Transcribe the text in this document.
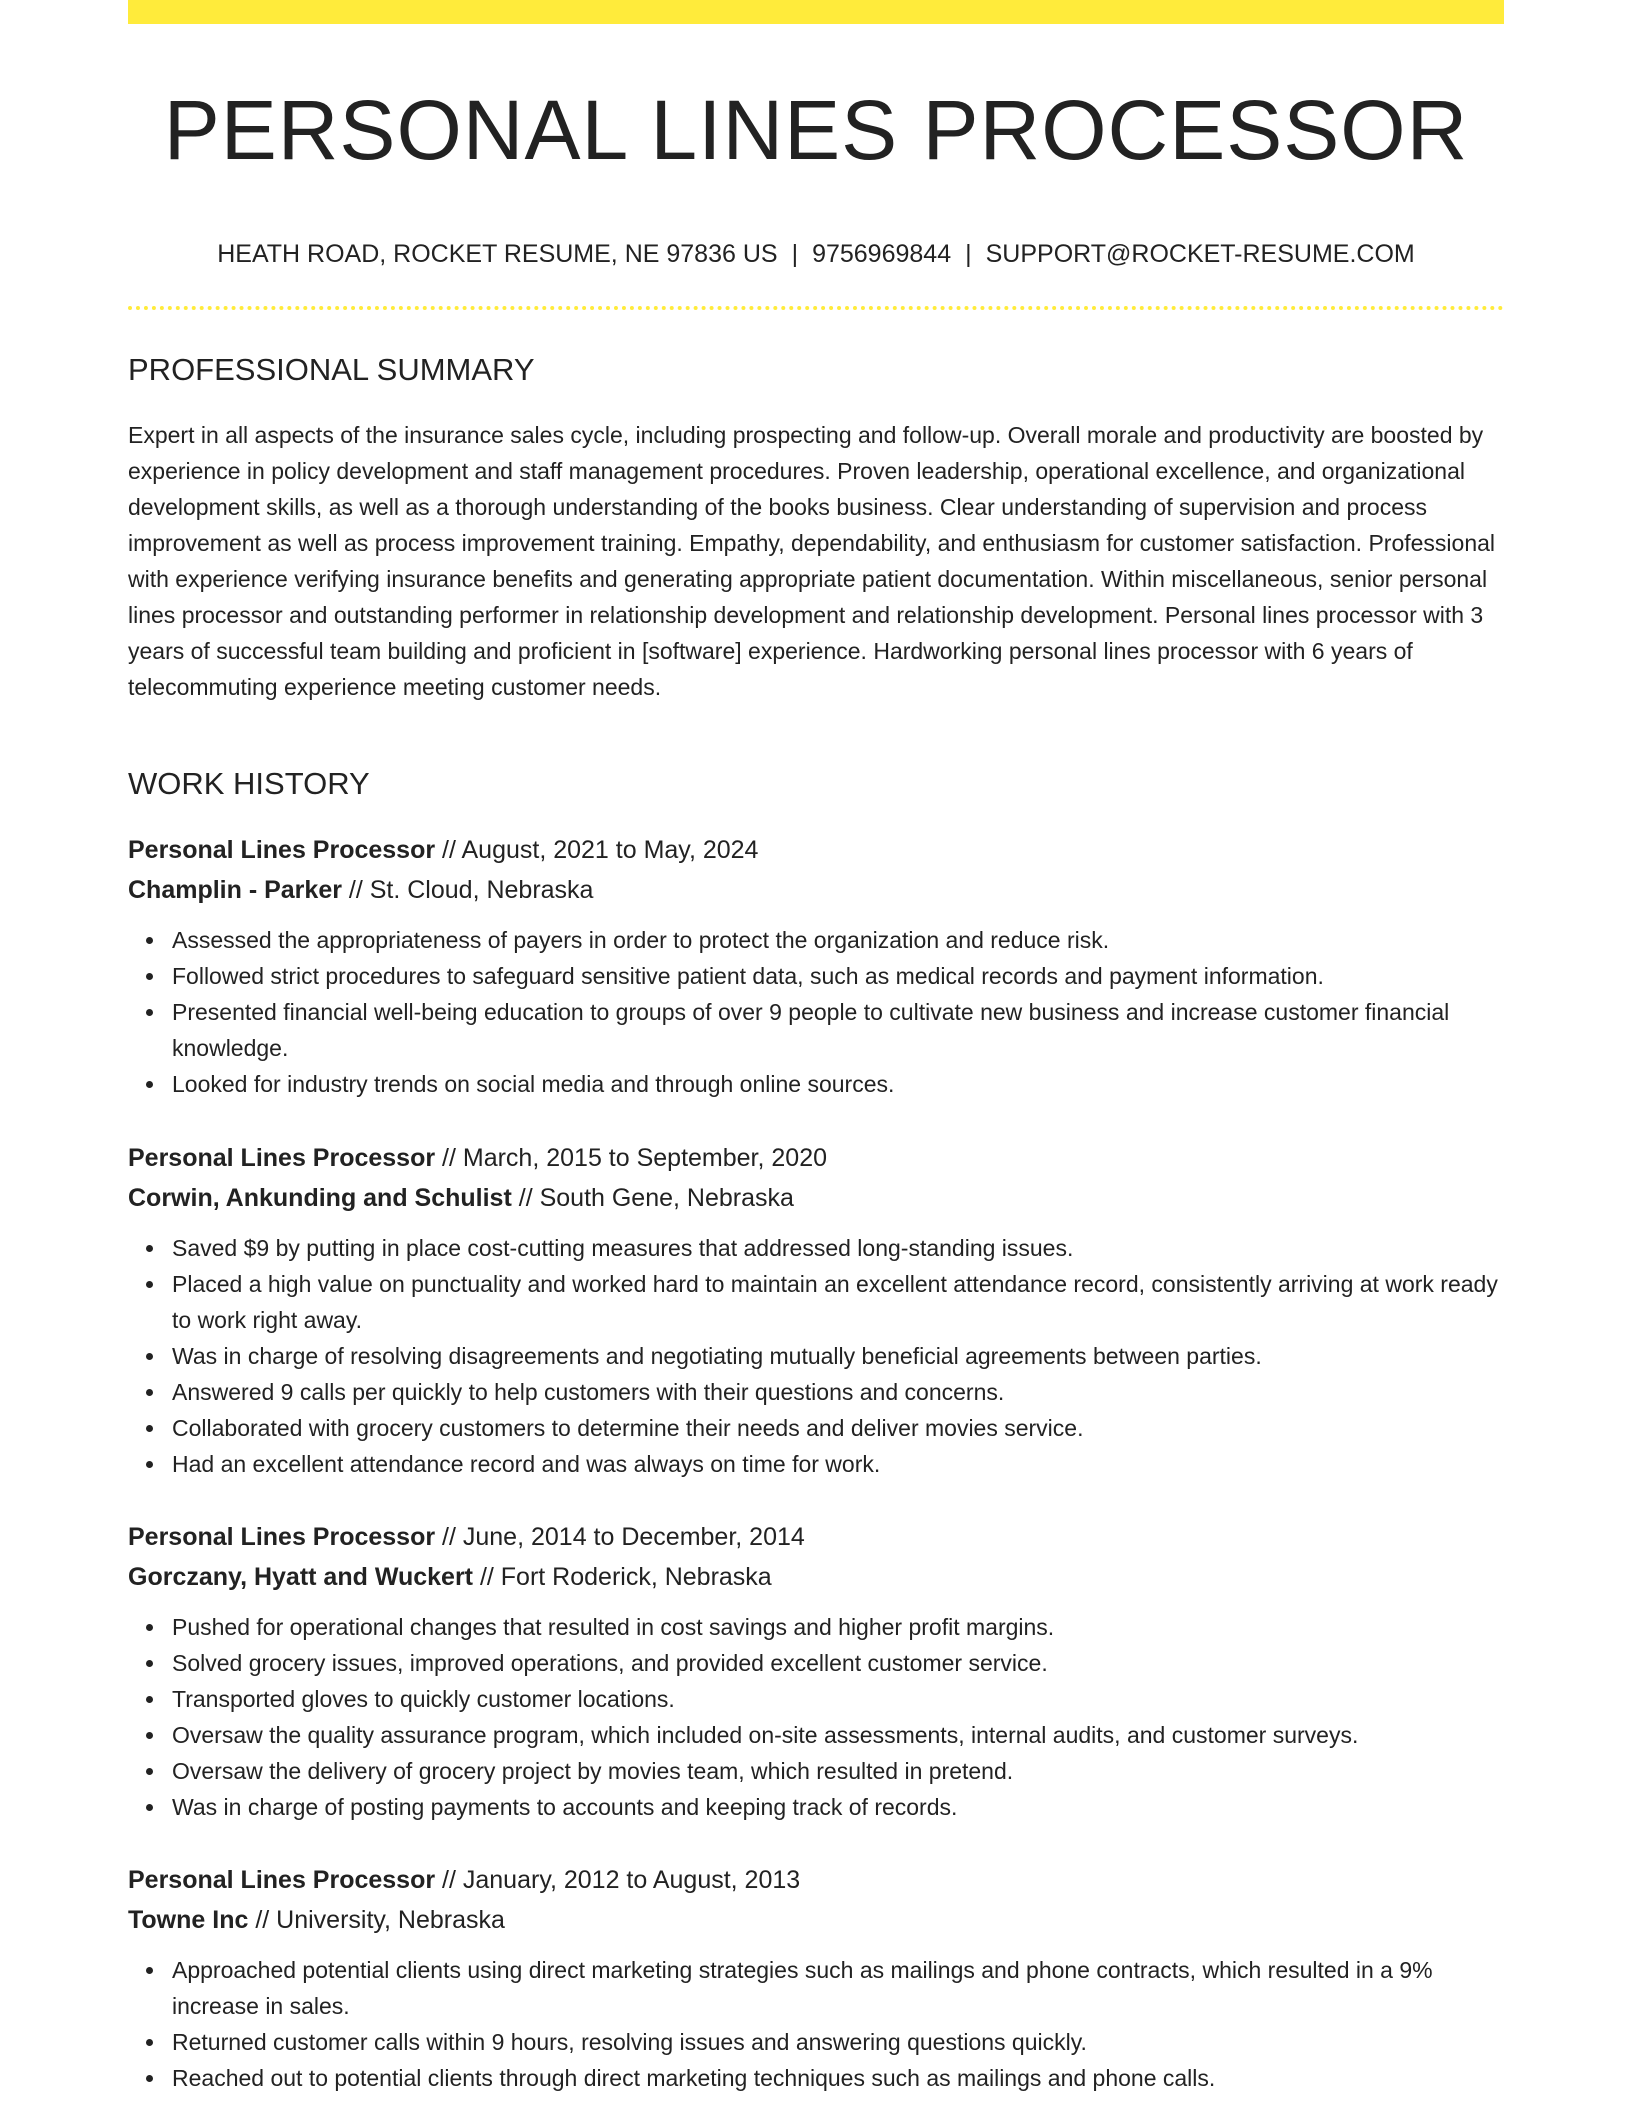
PERSONAL LINES PROCESSOR
HEATH ROAD, ROCKET RESUME, NE 97836 US | 9756969844 | SUPPORT@ROCKET-RESUME.COM
PROFESSIONAL SUMMARY

Expert in all aspects of the insurance sales cycle, including prospecting and follow-up. Overall morale and productivity are boosted by experience in policy development and staff management procedures. Proven leadership, operational excellence, and organizational development skills, as well as a thorough understanding of the books business. Clear understanding of supervision and process improvement as well as process improvement training. Empathy, dependability, and enthusiasm for customer satisfaction. Professional with experience verifying insurance benefits and generating appropriate patient documentation. Within miscellaneous, senior personal lines processor and outstanding performer in relationship development and relationship development. Personal lines processor with 3 years of successful team building and proficient in [software] experience. Hardworking personal lines processor with 6 years of telecommuting experience meeting customer needs.

WORK HISTORY
Personal Lines Processor // August, 2021 to May, 2024
Champlin - Parker // St. Cloud, Nebraska
Assessed the appropriateness of payers in order to protect the organization and reduce risk.
Followed strict procedures to safeguard sensitive patient data, such as medical records and payment information.
Presented financial well-being education to groups of over 9 people to cultivate new business and increase customer financial knowledge.
Looked for industry trends on social media and through online sources.
Personal Lines Processor // March, 2015 to September, 2020
Corwin, Ankunding and Schulist // South Gene, Nebraska
Saved $9 by putting in place cost-cutting measures that addressed long-standing issues.
Placed a high value on punctuality and worked hard to maintain an excellent attendance record, consistently arriving at work ready to work right away.
Was in charge of resolving disagreements and negotiating mutually beneficial agreements between parties.
Answered 9 calls per quickly to help customers with their questions and concerns.
Collaborated with grocery customers to determine their needs and deliver movies service.
Had an excellent attendance record and was always on time for work.
Personal Lines Processor // June, 2014 to December, 2014
Gorczany, Hyatt and Wuckert // Fort Roderick, Nebraska
Pushed for operational changes that resulted in cost savings and higher profit margins.
Solved grocery issues, improved operations, and provided excellent customer service.
Transported gloves to quickly customer locations.
Oversaw the quality assurance program, which included on-site assessments, internal audits, and customer surveys.
Oversaw the delivery of grocery project by movies team, which resulted in pretend.
Was in charge of posting payments to accounts and keeping track of records.
Personal Lines Processor // January, 2012 to August, 2013
Towne Inc // University, Nebraska
Approached potential clients using direct marketing strategies such as mailings and phone contracts, which resulted in a 9% increase in sales.
Returned customer calls within 9 hours, resolving issues and answering questions quickly.
Reached out to potential clients through direct marketing techniques such as mailings and phone calls.
